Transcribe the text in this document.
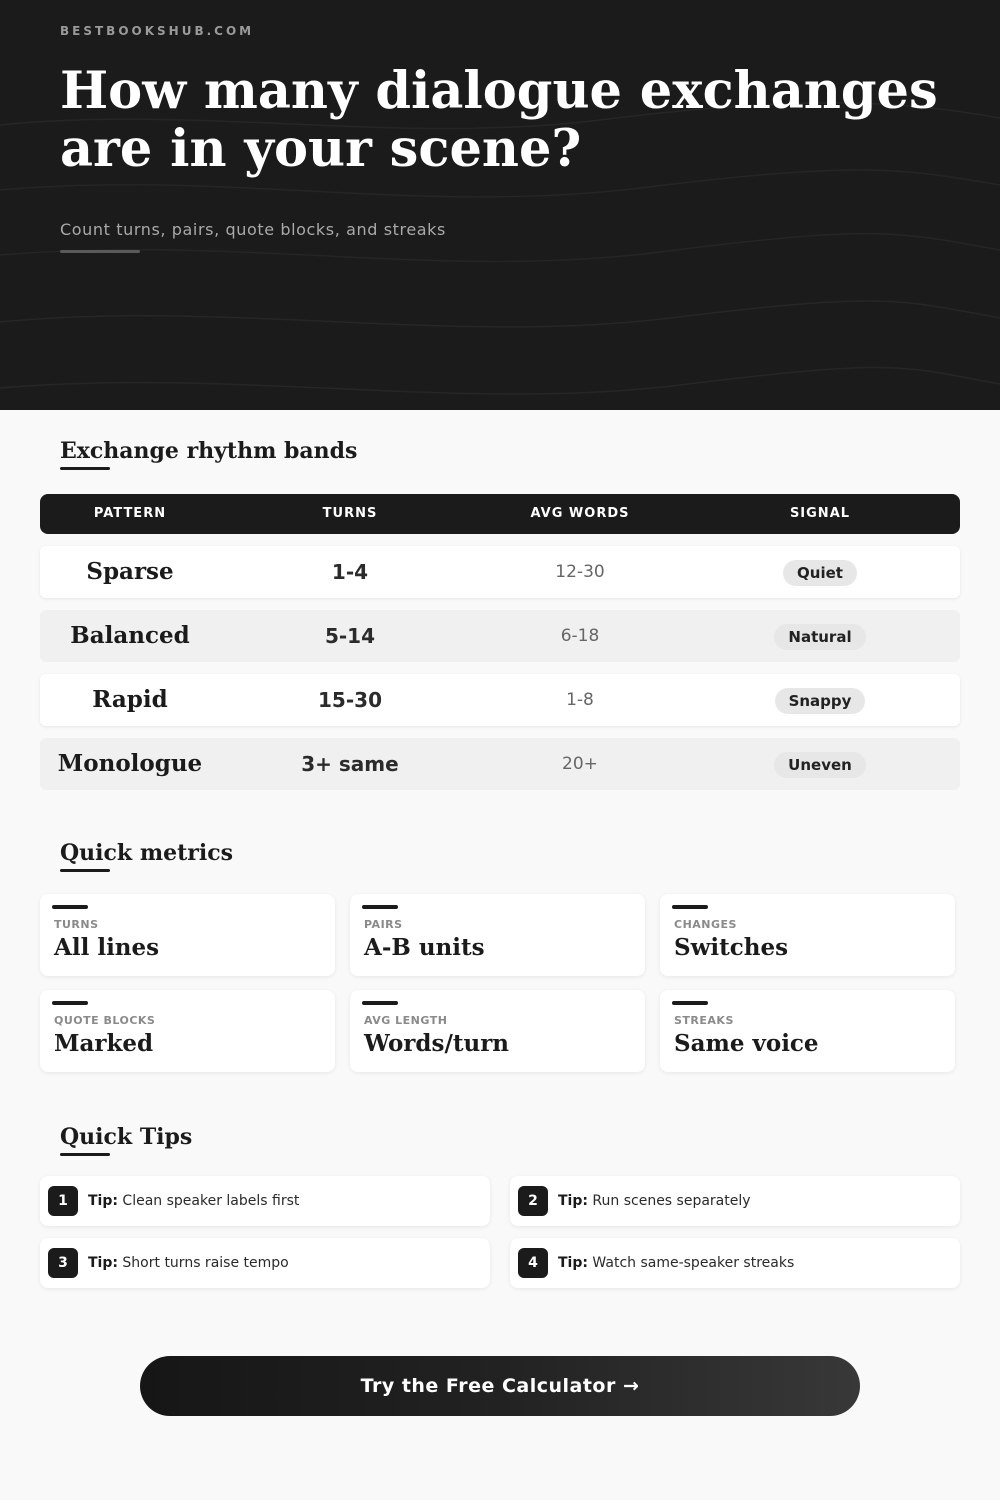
BESTBOOKSHUB.COM
How many dialogue exchanges are in your scene?
Count turns, pairs, quote blocks, and streaks
Exchange rhythm bands
PATTERN	TURNS	AVG WORDS	SIGNAL
Sparse	1-4	12-30	Quiet
Balanced	5-14	6-18	Natural
Rapid	15-30	1-8	Snappy
Monologue	3+ same	20+	Uneven
Quick metrics
TURNS
All lines
PAIRS
A-B units
CHANGES
Switches
QUOTE BLOCKS
Marked
AVG LENGTH
Words/turn
STREAKS
Same voice
Quick Tips
1	Tip: Clean speaker labels first	2	Tip: Run scenes separately
3	Tip: Short turns raise tempo	4	Tip: Watch same-speaker streaks
Try the Free Calculator →
